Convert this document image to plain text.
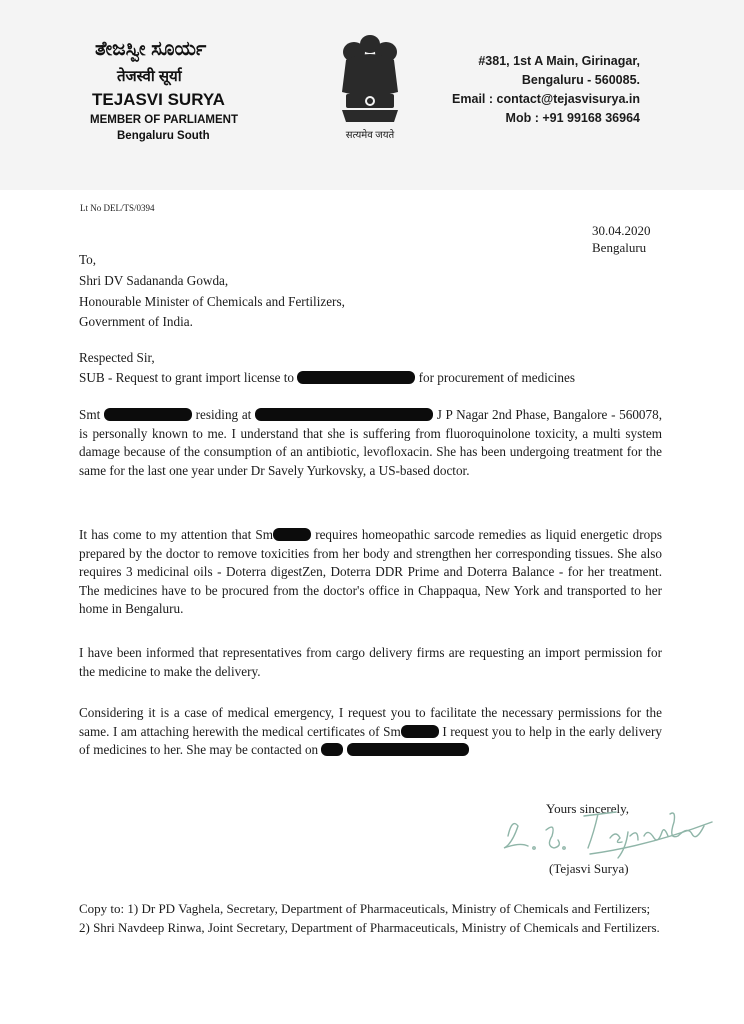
ತೇಜಸ್ವೀ ಸೂರ್ಯ
तेजस्वी सूर्या
TEJASVI SURYA
MEMBER OF PARLIAMENT
Bengaluru South	सत्यमेव जयते
#381, 1st A Main, Girinagar,
Bengaluru - 560085.
Email : contact@tejasvisurya.in
Mob : +91 99168 36964
Lt No DEL/TS/0394
30.04.2020
Bengaluru
To,
Shri DV Sadananda Gowda,
Honourable Minister of Chemicals and Fertilizers,
Government of India.
Respected Sir,
SUB - Request to grant import license to	for procurement of medicines
Smt	residing at	J P Nagar 2nd Phase, Bangalore - 560078, is personally known to me. I understand that she is suffering from fluoroquinolone toxicity, a multi system damage because of the consumption of an antibiotic, levofloxacin. She has been undergoing treatment for the same for the last one year under Dr Savely Yurkovsky, a US-based doctor.
It has come to my attention that Sm	requires homeopathic sarcode remedies as liquid energetic drops prepared by the doctor to remove toxicities from her body and strengthen her corresponding tissues. She also requires 3 medicinal oils - Doterra digestZen, Doterra DDR Prime and Doterra Balance - for her treatment. The medicines have to be procured from the doctor's office in Chappaqua, New York and transported to her home in Bengaluru.
I have been informed that representatives from cargo delivery firms are requesting an import permission for the medicine to make the delivery.
Considering it is a case of medical emergency, I request you to facilitate the necessary permissions for the same. I am attaching herewith the medical certificates of Sm	I request you to help in the early delivery of medicines to her. She may be contacted on
Yours sincerely,
(Tejasvi Surya)
Copy to: 1) Dr PD Vaghela, Secretary, Department of Pharmaceuticals, Ministry of Chemicals and Fertilizers;
2) Shri Navdeep Rinwa, Joint Secretary, Department of Pharmaceuticals, Ministry of Chemicals and Fertilizers.
